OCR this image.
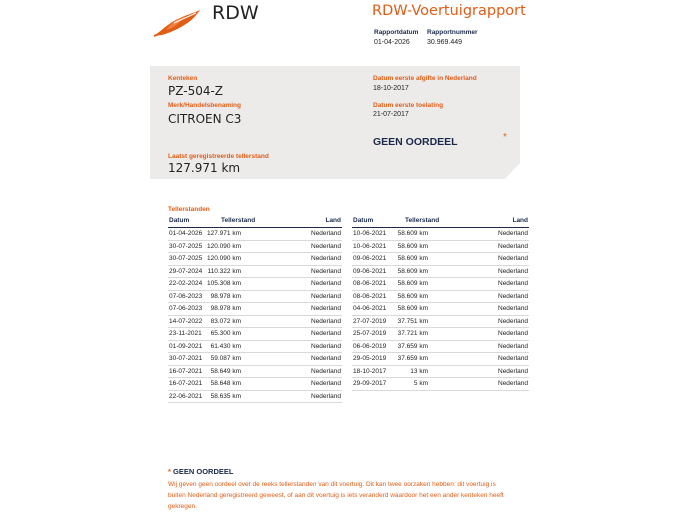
RDW	RDW-Voertuigrapport
Rapportdatum
01-04-2026
Rapportnummer
30.969.449
Kenteken
PZ-504-Z
Merk/Handelsbenaming
CITROEN C3
Laatst geregistreerde tellerstand
127.971 km
Datum eerste afgifte in Nederland
18-10-2017
Datum eerste toelating
21-07-2017
GEEN OORDEEL	*
Tellerstanden
Datum	Tellerstand	Land
01-04-2026 127.971 km	Nederland
30-07-2025 120.090 km	Nederland
30-07-2025 120.090 km	Nederland
29-07-2024 110.322 km	Nederland
22-02-2024 105.308 km	Nederland
07-06-2023 98.978 km	Nederland
07-06-2023 98.978 km	Nederland
14-07-2022 83.072 km	Nederland
23-11-2021 65.300 km	Nederland
01-09-2021 61.430 km	Nederland
30-07-2021 59.087 km	Nederland
16-07-2021 58.649 km	Nederland
16-07-2021 58.648 km	Nederland
22-06-2021 58.635 km	Nederland
Datum	Tellerstand	Land
10-06-2021 58.609 km	Nederland
10-06-2021 58.609 km	Nederland
09-06-2021 58.609 km	Nederland
09-06-2021 58.609 km	Nederland
08-06-2021 58.609 km	Nederland
08-06-2021 58.609 km	Nederland
04-06-2021 58.609 km	Nederland
27-07-2019 37.751 km	Nederland
25-07-2019 37.721 km	Nederland
06-06-2019 37.659 km	Nederland
29-05-2019 37.659 km	Nederland
18-10-2017	13 km	Nederland
29-09-2017	5 km	Nederland
* GEEN OORDEEL
Wij geven geen oordeel over de reeks tellerstanden van dit voertuig. Dit kan twee oorzaken hebben: dit voertuig is buiten Nederland geregistreerd geweest, of aan dit voertuig is iets veranderd waardoor het een ander kenteken heeft gekregen.
